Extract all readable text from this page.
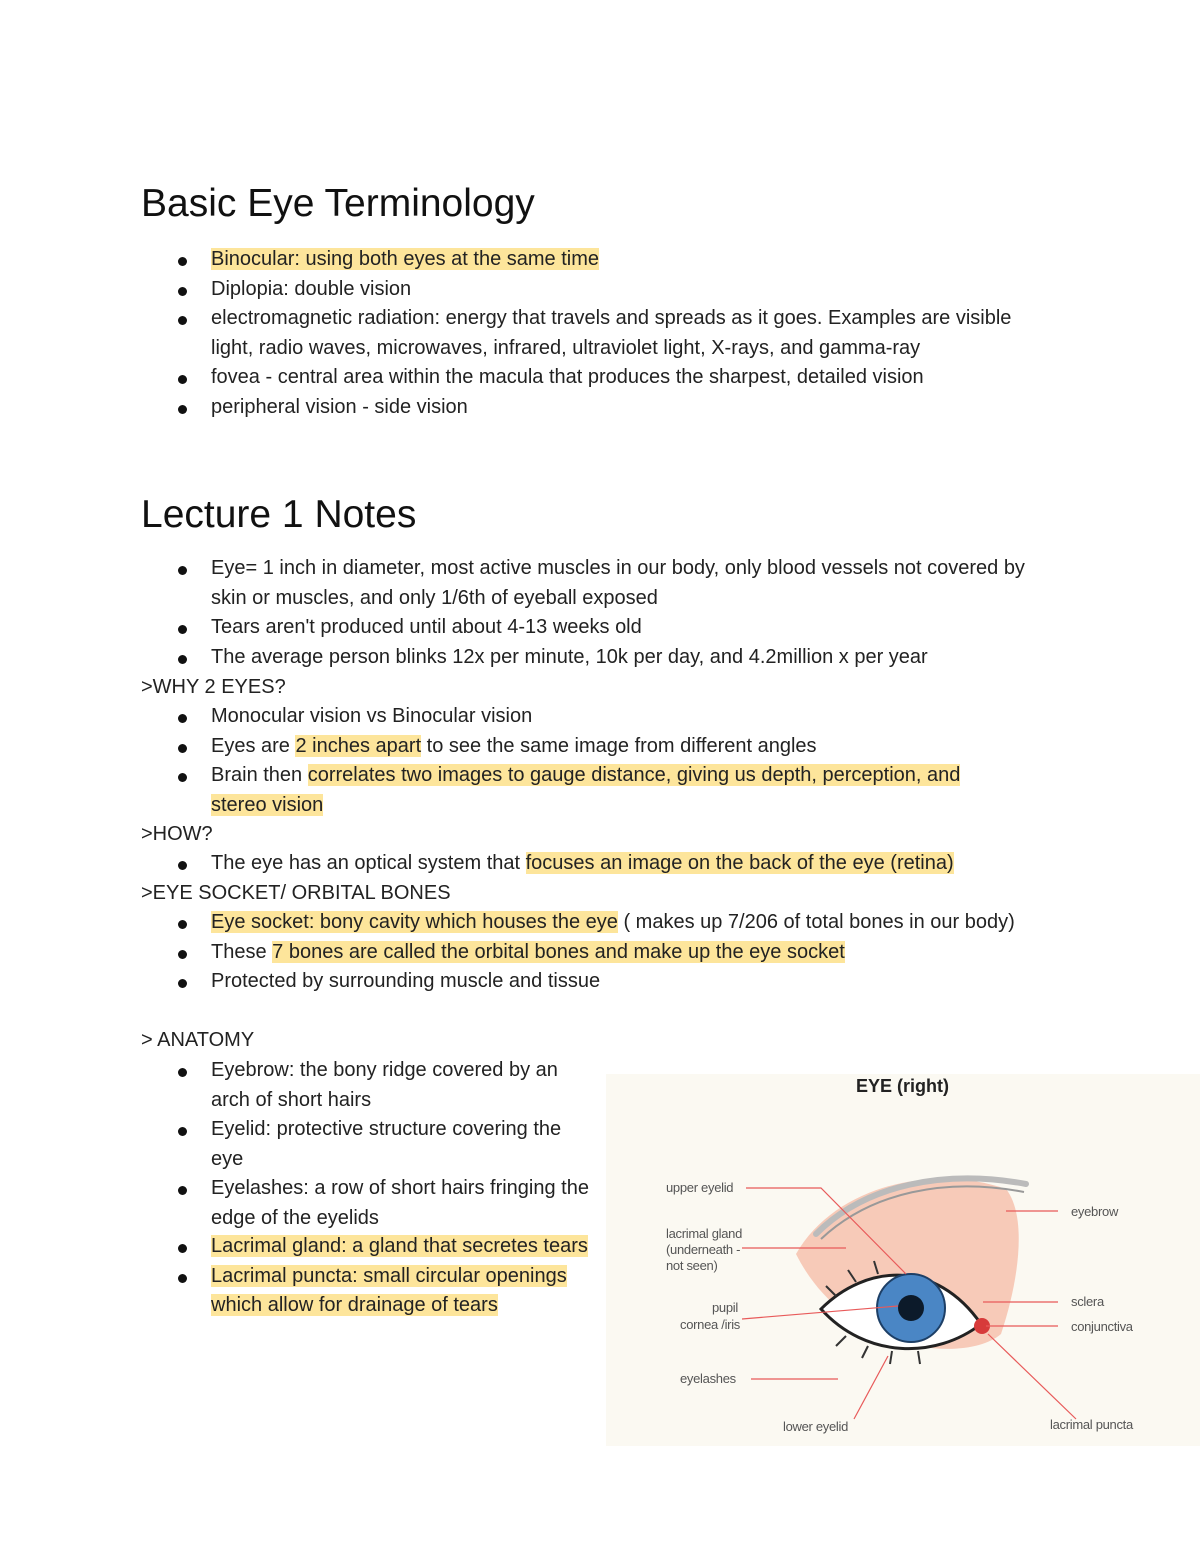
Basic Eye Terminology
Binocular: using both eyes at the same time
Diplopia: double vision
electromagnetic radiation: energy that travels and spreads as it goes. Examples are visible light, radio waves, microwaves, infrared, ultraviolet light, X-rays, and gamma-ray
fovea - central area within the macula that produces the sharpest, detailed vision
peripheral vision - side vision
Lecture 1 Notes
Eye= 1 inch in diameter, most active muscles in our body, only blood vessels not covered by skin or muscles, and only 1/6th of eyeball exposed
Tears aren't produced until about 4-13 weeks old
The average person blinks 12x per minute, 10k per day, and 4.2million x per year
>WHY 2 EYES?
Monocular vision vs Binocular vision
Eyes are 2 inches apart to see the same image from different angles
Brain then correlates two images to gauge distance, giving us depth, perception, and
stereo vision
>HOW?
The eye has an optical system that focuses an image on the back of the eye (retina)
>EYE SOCKET/ ORBITAL BONES
Eye socket: bony cavity which houses the eye ( makes up 7/206 of total bones in our body)
These 7 bones are called the orbital bones and make up the eye socket
Protected by surrounding muscle and tissue
> ANATOMY
Eyebrow: the bony ridge covered by an arch of short hairs
Eyelid: protective structure covering the eye
Eyelashes: a row of short hairs fringing the edge of the eyelids
Lacrimal gland: a gland that secretes tears
Lacrimal puncta: small circular openings which allow for drainage of tears
EYE (right)
upper eyelid
lacrimal gland (underneath - not seen)
pupil
cornea /iris
eyelashes
lower eyelid
eyebrow
sclera
conjunctiva
lacrimal puncta
